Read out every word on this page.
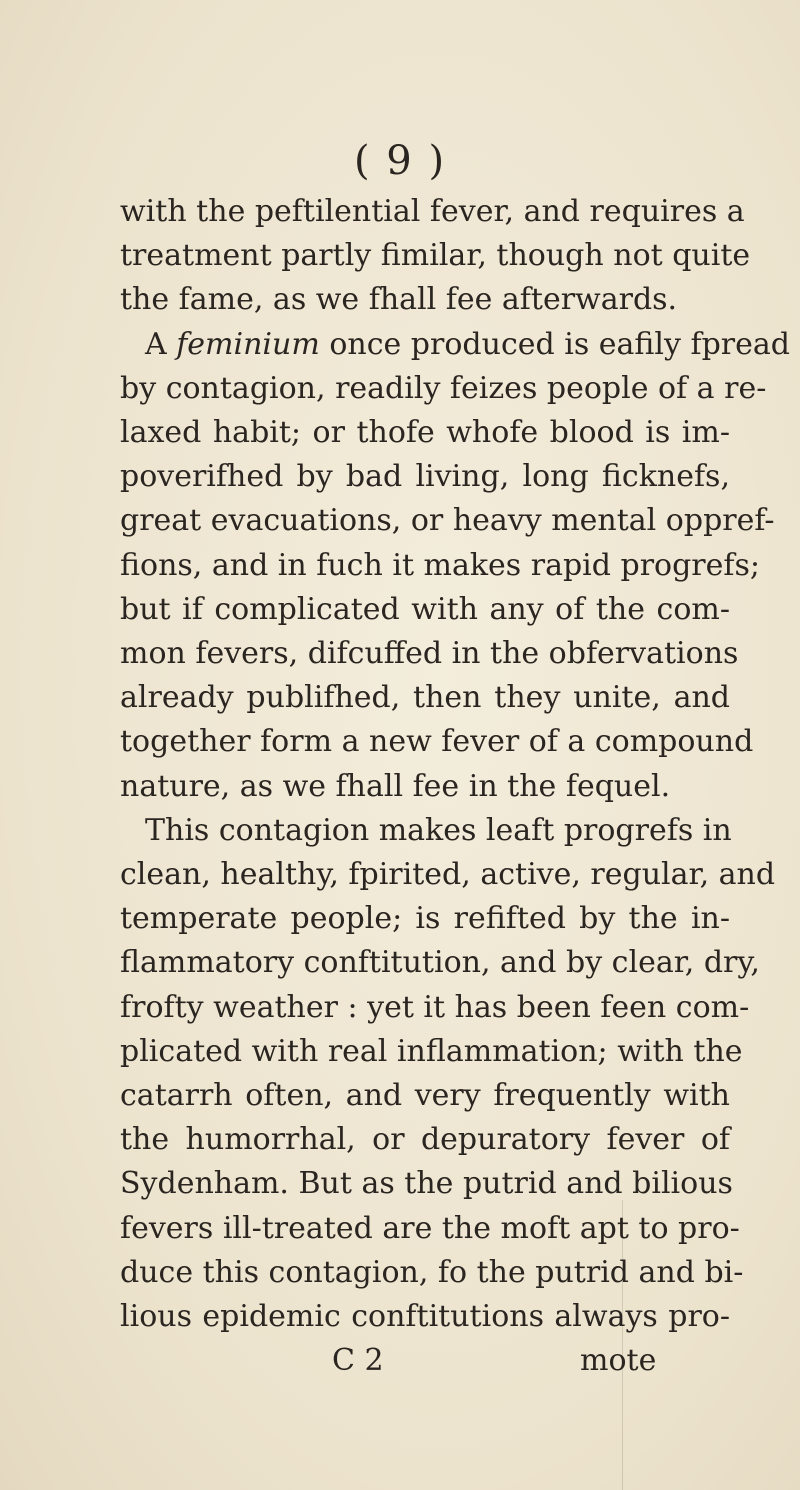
( 9 )
with the peftilential fever, and requires a
treatment partly fimilar, though not quite
the fame, as we fhall fee afterwards.
A feminium once produced is eafily fpread
by contagion, readily feizes people of a re-
laxed habit; or thofe whofe blood is im-
poverifhed by bad living, long ficknefs,
great evacuations, or heavy mental oppref-
fions, and in fuch it makes rapid progrefs;
but if complicated with any of the com-
mon fevers, difcuffed in the obfervations
already publifhed, then they unite, and
together form a new fever of a compound
nature, as we fhall fee in the fequel.
This contagion makes leaft progrefs in
clean, healthy, fpirited, active, regular, and
temperate people; is refifted by the in-
flammatory conftitution, and by clear, dry,
frofty weather : yet it has been feen com-
plicated with real inflammation; with the
catarrh often, and very frequently with
the humorrhal, or depuratory fever of
Sydenham. But as the putrid and bilious
fevers ill-treated are the moft apt to pro-
duce this contagion, fo the putrid and bi-
lious epidemic conftitutions always pro-
C 2	mote
